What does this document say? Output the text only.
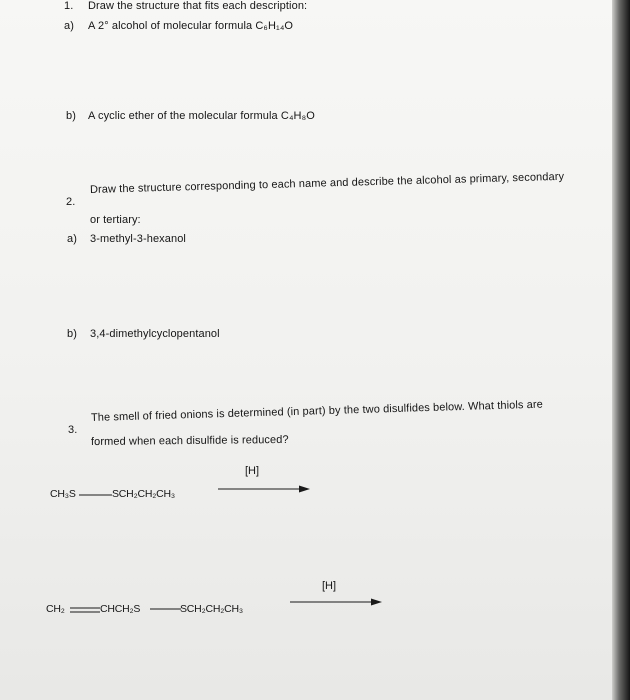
1. Draw the structure that fits each description:
a) A 2° alcohol of molecular formula C₆H₁₄O
b) A cyclic ether of the molecular formula C₄H₈O
2.
Draw the structure corresponding to each name and describe the alcohol as primary, secondary
or tertiary:
a) 3-methyl-3-hexanol
b) 3,4-dimethylcyclopentanol
3.
The smell of fried onions is determined (in part) by the two disulfides below. What thiols are
formed when each disulfide is reduced?
[H]
CH₃S	SCH₂CH₂CH₃
[H]
CH₂	CHCH₂S	SCH₂CH₂CH₃
